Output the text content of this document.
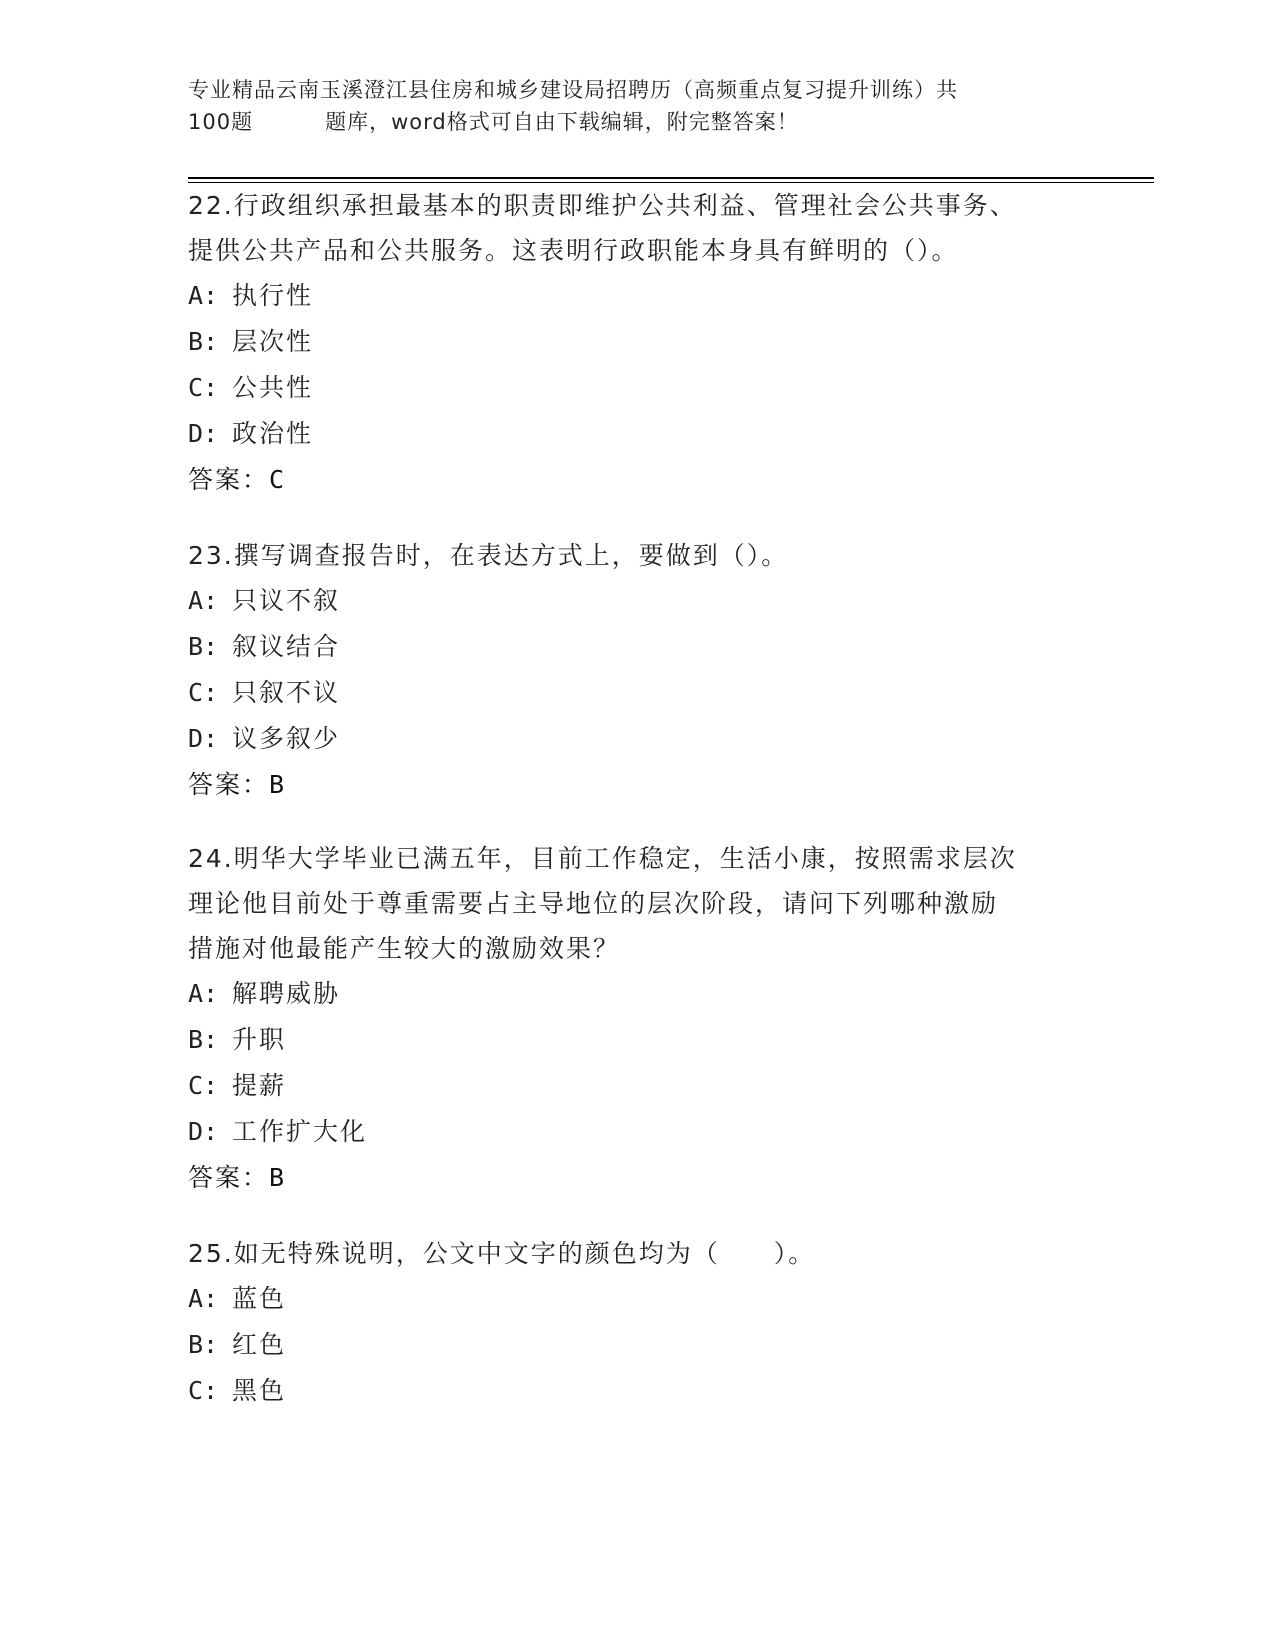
专业精品云南玉溪澄江县住房和城乡建设局招聘历（高频重点复习提升训练）共
100题	题库，word格式可自由下载编辑，附完整答案！
22.行政组织承担最基本的职责即维护公共利益、管理社会公共事务、
提供公共产品和公共服务。这表明行政职能本身具有鲜明的（）。
A: 执行性
B: 层次性
C: 公共性
D: 政治性
答案：C
23.撰写调查报告时，在表达方式上，要做到（）。
A: 只议不叙
B: 叙议结合
C: 只叙不议
D: 议多叙少
答案：B
24.明华大学毕业已满五年，目前工作稳定，生活小康，按照需求层次
理论他目前处于尊重需要占主导地位的层次阶段，请问下列哪种激励
措施对他最能产生较大的激励效果？
A: 解聘威胁
B: 升职
C: 提薪
D: 工作扩大化
答案：B
25.如无特殊说明，公文中文字的颜色均为（　　）。
A: 蓝色
B: 红色
C: 黑色
